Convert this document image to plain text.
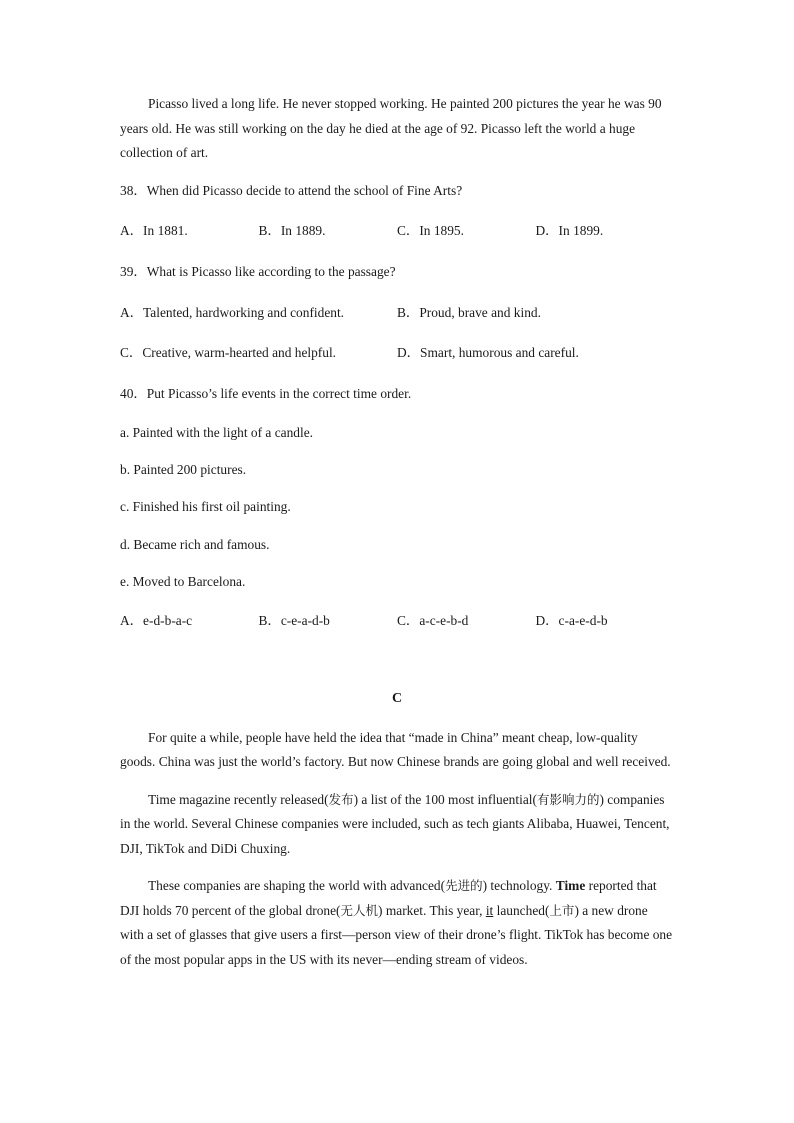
Picasso lived a long life. He never stopped working. He painted 200 pictures the year he was 90 years old. He was still working on the day he died at the age of 92. Picasso left the world a huge collection of art.

38．When did Picasso decide to attend the school of Fine Arts?

A．In 1881.	B．In 1889.	C．In 1895.	D．In 1899.

39．What is Picasso like according to the passage?

A．Talented, hardworking and confident.	B．Proud, brave and kind.
C．Creative, warm-hearted and helpful.	D．Smart, humorous and careful.

40．Put Picasso’s life events in the correct time order.

a. Painted with the light of a candle.

b. Painted 200 pictures.

c. Finished his first oil painting.

d. Became rich and famous.

e. Moved to Barcelona.

A．e-d-b-a-c	B．c-e-a-d-b	C．a-c-e-b-d	D．c-a-e-d-b

C

For quite a while, people have held the idea that “made in China” meant cheap, low-quality goods. China was just the world’s factory. But now Chinese brands are going global and well received.

Time magazine recently released(发布) a list of the 100 most influential(有影响力的) companies in the world. Several Chinese companies were included, such as tech giants Alibaba, Huawei, Tencent, DJI, TikTok and DiDi Chuxing.

These companies are shaping the world with advanced(先进的) technology. Time reported that DJI holds 70 percent of the global drone(无人机) market. This year, it launched(上市) a new drone with a set of glasses that give users a first—person view of their drone’s flight. TikTok has become one of the most popular apps in the US with its never—ending stream of videos.
